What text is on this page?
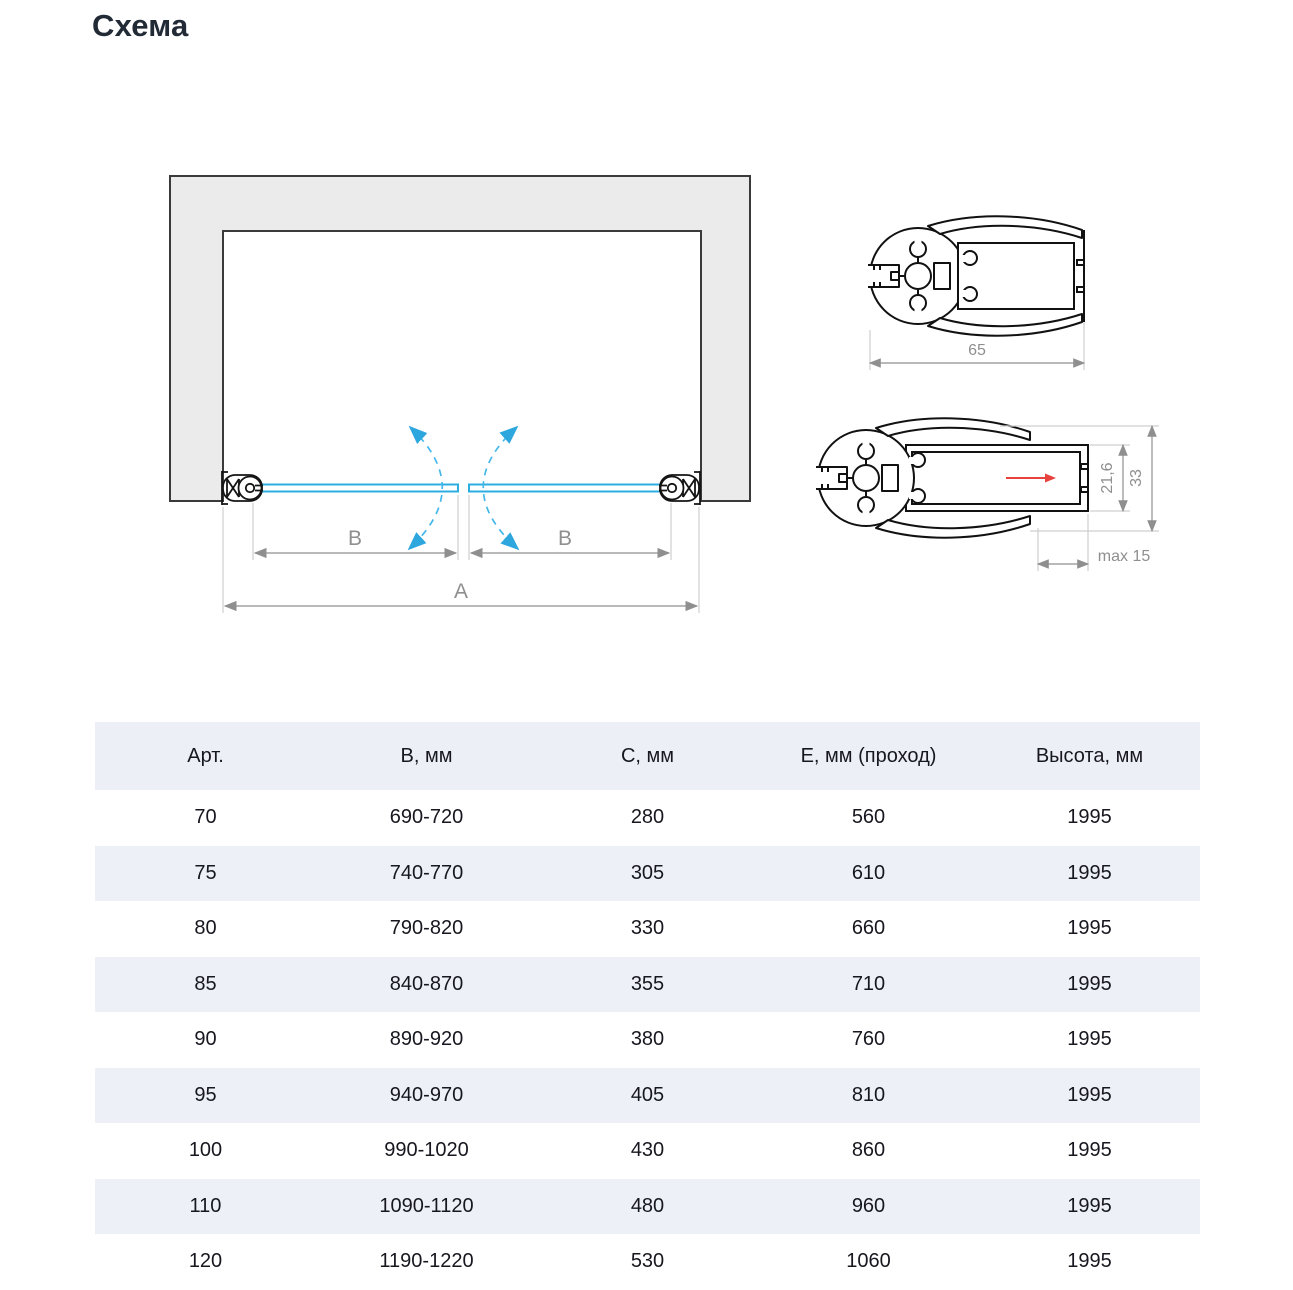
Схема
B	B
A
65
21,6 33
max 15
Арт.	B, мм	C, мм	E, мм (проход)	Высота, мм
70	690-720	280	560	1995
75	740-770	305	610	1995
80	790-820	330	660	1995
85	840-870	355	710	1995
90	890-920	380	760	1995
95	940-970	405	810	1995
100	990-1020	430	860	1995
110	1090-1120	480	960	1995
120	1190-1220	530	1060	1995
